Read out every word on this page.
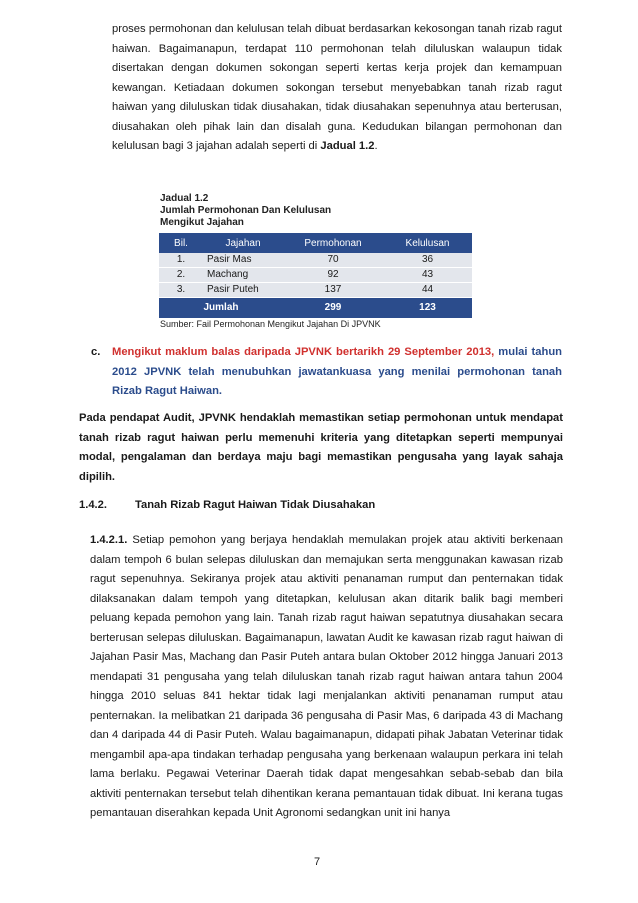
proses permohonan dan kelulusan telah dibuat berdasarkan kekosongan tanah rizab ragut haiwan. Bagaimanapun, terdapat 110 permohonan telah diluluskan walaupun tidak disertakan dengan dokumen sokongan seperti kertas kerja projek dan kemampuan kewangan. Ketiadaan dokumen sokongan tersebut menyebabkan tanah rizab ragut haiwan yang diluluskan tidak diusahakan, tidak diusahakan sepenuhnya atau berterusan, diusahakan oleh pihak lain dan disalah guna. Kedudukan bilangan permohonan dan kelulusan bagi 3 jajahan adalah seperti di Jadual 1.2.

Jadual 1.2
Jumlah Permohonan Dan Kelulusan
Mengikut Jajahan
Bil.	Jajahan	Permohonan	Kelulusan
1.	Pasir Mas	70	36
2.	Machang	92	43
3.	Pasir Puteh	137	44
Jumlah		299	123
Sumber: Fail Permohonan Mengikut Jajahan Di JPVNK
c. Mengikut maklum balas daripada JPVNK bertarikh 29 September 2013, mulai tahun 2012 JPVNK telah menubuhkan jawatankuasa yang menilai permohonan tanah Rizab Ragut Haiwan.

Pada pendapat Audit, JPVNK hendaklah memastikan setiap permohonan untuk mendapat tanah rizab ragut haiwan perlu memenuhi kriteria yang ditetapkan seperti mempunyai modal, pengalaman dan berdaya maju bagi memastikan pengusaha yang layak sahaja dipilih.

1.4.2.	Tanah Rizab Ragut Haiwan Tidak Diusahakan

1.4.2.1. Setiap pemohon yang berjaya hendaklah memulakan projek atau aktiviti berkenaan dalam tempoh 6 bulan selepas diluluskan dan memajukan serta menggunakan kawasan rizab ragut sepenuhnya. Sekiranya projek atau aktiviti penanaman rumput dan penternakan tidak dilaksanakan dalam tempoh yang ditetapkan, kelulusan akan ditarik balik bagi memberi peluang kepada pemohon yang lain. Tanah rizab ragut haiwan sepatutnya diusahakan secara berterusan selepas diluluskan. Bagaimanapun, lawatan Audit ke kawasan rizab ragut haiwan di Jajahan Pasir Mas, Machang dan Pasir Puteh antara bulan Oktober 2012 hingga Januari 2013 mendapati 31 pengusaha yang telah diluluskan tanah rizab ragut haiwan antara tahun 2004 hingga 2010 seluas 841 hektar tidak lagi menjalankan aktiviti penanaman rumput atau penternakan. Ia melibatkan 21 daripada 36 pengusaha di Pasir Mas, 6 daripada 43 di Machang dan 4 daripada 44 di Pasir Puteh. Walau bagaimanapun, didapati pihak Jabatan Veterinar tidak mengambil apa-apa tindakan terhadap pengusaha yang berkenaan walaupun perkara ini telah lama berlaku. Pegawai Veterinar Daerah tidak dapat mengesahkan sebab-sebab dan bila aktiviti penternakan tersebut telah dihentikan kerana pemantauan tidak dibuat. Ini kerana tugas pemantauan diserahkan kepada Unit Agronomi sedangkan unit ini hanya

7
